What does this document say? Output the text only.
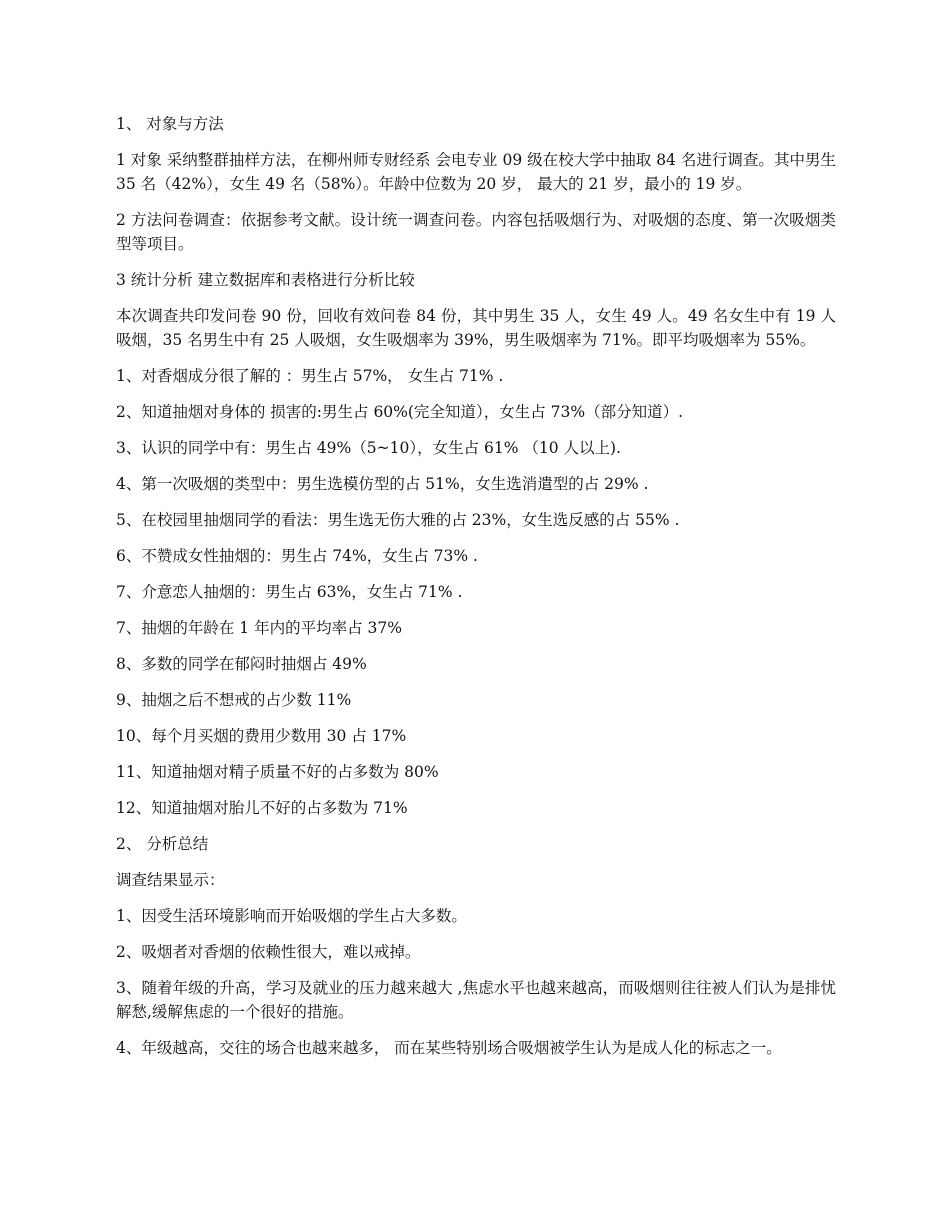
1、 对象与方法

1 对象 采纳整群抽样方法，在柳州师专财经系 会电专业 09 级在校大学中抽取 84 名进行调查。其中男生 35 名（42%），女生 49 名（58%）。年龄中位数为 20 岁， 最大的 21 岁，最小的 19 岁。

2 方法问卷调查：依据参考文献。设计统一调查问卷。内容包括吸烟行为、对吸烟的态度、第一次吸烟类型等项目。

3 统计分析 建立数据库和表格进行分析比较

本次调查共印发问卷 90 份，回收有效问卷 84 份，其中男生 35 人，女生 49 人。49 名女生中有 19 人吸烟，35 名男生中有 25 人吸烟，女生吸烟率为 39%，男生吸烟率为 71%。即平均吸烟率为 55%。

1、对香烟成分很了解的 ：男生占 57%， 女生占 71% .

2、知道抽烟对身体的 损害的:男生占 60%(完全知道），女生占 73%（部分知道）.

3、认识的同学中有：男生占 49%（5~10），女生占 61% （10 人以上).

4、第一次吸烟的类型中：男生选模仿型的占 51%，女生选消遣型的占 29% .

5、在校园里抽烟同学的看法：男生选无伤大雅的占 23%，女生选反感的占 55% .

6、不赞成女性抽烟的：男生占 74%，女生占 73% .

7、介意恋人抽烟的：男生占 63%，女生占 71% .

7、抽烟的年龄在 1 年内的平均率占 37%

8、多数的同学在郁闷时抽烟占 49%

9、抽烟之后不想戒的占少数 11%

10、每个月买烟的费用少数用 30 占 17%

11、知道抽烟对精子质量不好的占多数为 80%

12、知道抽烟对胎儿不好的占多数为 71%

2、 分析总结

调查结果显示：

1、因受生活环境影响而开始吸烟的学生占大多数。

2、吸烟者对香烟的依赖性很大，难以戒掉。

3、随着年级的升高，学习及就业的压力越来越大 ,焦虑水平也越来越高，而吸烟则往往被人们认为是排忧解愁,缓解焦虑的一个很好的措施。

4、年级越高，交往的场合也越来越多， 而在某些特别场合吸烟被学生认为是成人化的标志之一。
